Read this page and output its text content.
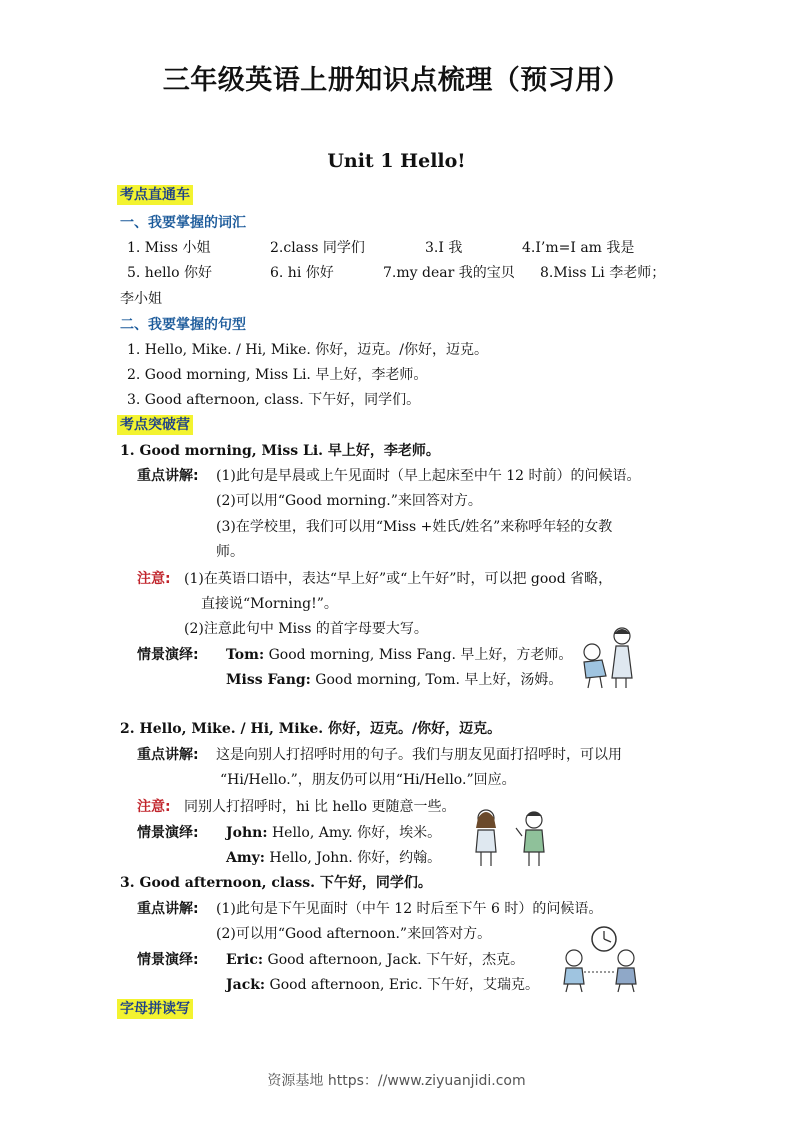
三年级英语上册知识点梳理（预习用）
Unit 1 Hello!
考点直通车
一、我要掌握的词汇
1. Miss 小姐	2.class 同学们	3.I 我	4.I’m=I am 我是
5. hello 你好	6. hi 你好	7.my dear 我的宝贝 8.Miss Li 李老师；
李小姐
二、我要掌握的句型
1. Hello, Mike. / Hi, Mike. 你好，迈克。/你好，迈克。
2. Good morning, Miss Li. 早上好，李老师。
3. Good afternoon, class. 下午好，同学们。
考点突破营
1. Good morning, Miss Li. 早上好，李老师。
重点讲解: (1)此句是早晨或上午见面时（早上起床至中午 12 时前）的问候语。
(2)可以用“Good morning.”来回答对方。
(3)在学校里，我们可以用“Miss +姓氏/姓名”来称呼年轻的女教
师。
注意: (1)在英语口语中，表达“早上好”或“上午好”时，可以把 good 省略，
直接说“Morning!”。
(2)注意此句中 Miss 的首字母要大写。
情景演绎: Tom: Good morning, Miss Fang. 早上好，方老师。
Miss Fang: Good morning, Tom. 早上好，汤姆。
2. Hello, Mike. / Hi, Mike. 你好，迈克。/你好，迈克。
重点讲解: 这是向别人打招呼时用的句子。我们与朋友见面打招呼时，可以用
“Hi/Hello.”，朋友仍可以用“Hi/Hello.”回应。
注意: 同别人打招呼时，hi 比 hello 更随意一些。
情景演绎: John: Hello, Amy. 你好，埃米。
Amy: Hello, John. 你好，约翰。
3. Good afternoon, class. 下午好，同学们。
重点讲解: (1)此句是下午见面时（中午 12 时后至下午 6 时）的问候语。
(2)可以用“Good afternoon.”来回答对方。
情景演绎: Eric: Good afternoon, Jack. 下午好，杰克。
Jack: Good afternoon, Eric. 下午好，艾瑞克。
字母拼读写
资源基地 https：//www.ziyuanjidi.com
